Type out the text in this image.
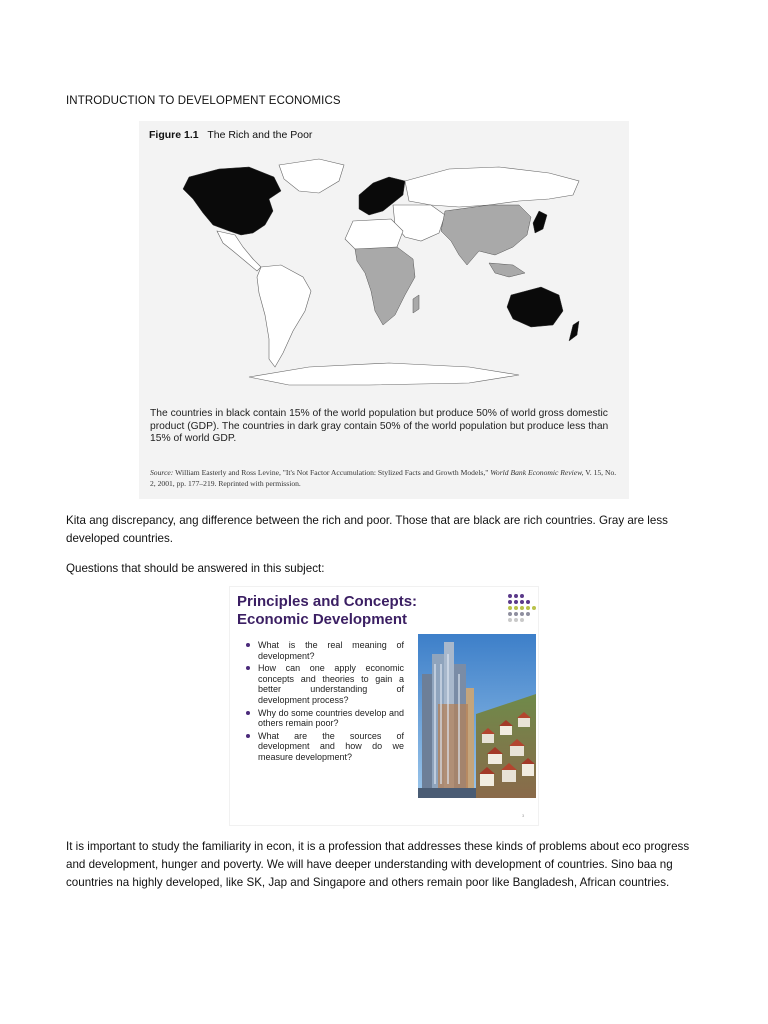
INTRODUCTION TO DEVELOPMENT ECONOMICS
Figure 1.1 The Rich and the Poor
The countries in black contain 15% of the world population but produce 50% of world gross domestic product (GDP). The countries in dark gray contain 50% of the world population but produce less than 15% of world GDP.
Source: William Easterly and Ross Levine, "It's Not Factor Accumulation: Stylized Facts and Growth Models," World Bank Economic Review, V. 15, No. 2, 2001, pp. 177–219. Reprinted with permission.
Kita ang discrepancy, ang difference between the rich and poor. Those that are black are rich countries. Gray are less developed countries.
Questions that should be answered in this subject:
Principles and Concepts:
Economic Development
What is the real meaning of development?
How can one apply economic concepts and theories to gain a better understanding of development process?
Why do some countries develop and others remain poor?
What are the sources of development and how do we measure development?
3
It is important to study the familiarity in econ, it is a profession that addresses these kinds of problems about eco progress and development, hunger and poverty. We will have deeper understanding with development of countries. Sino baa ng countries na highly developed, like SK, Jap and Singapore and others remain poor like Bangladesh, African countries.
